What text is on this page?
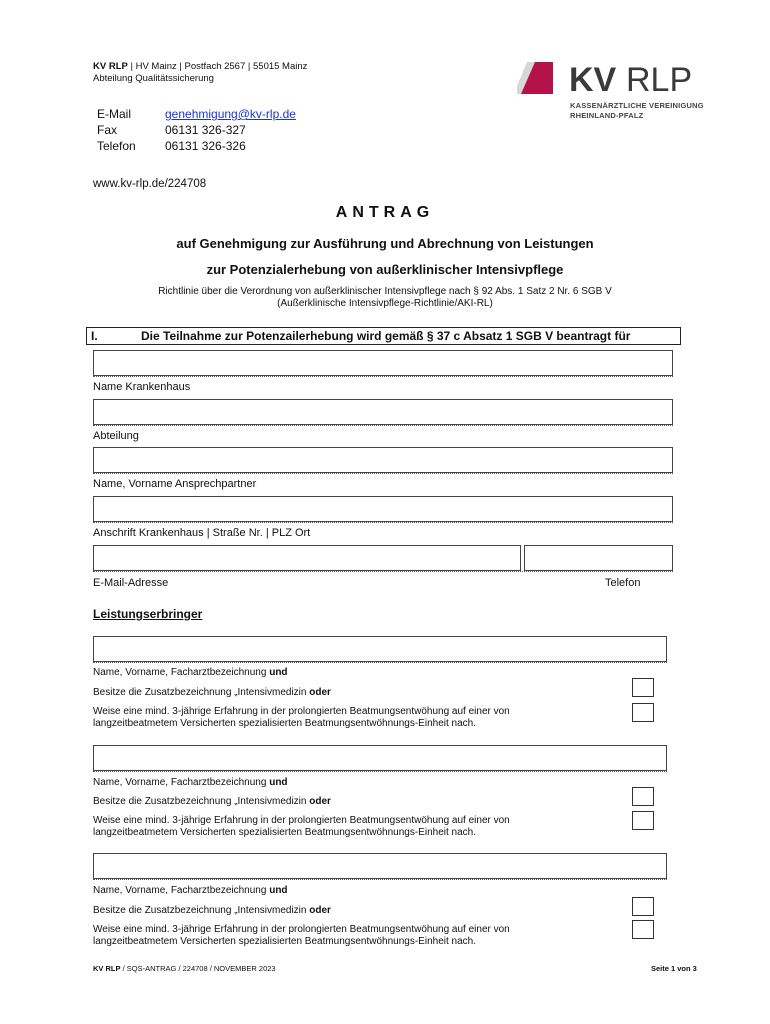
KV RLP | HV Mainz | Postfach 2567 | 55015 Mainz
Abteilung Qualitätssicherung	KV RLP
KASSENÄRZTLICHE VEREINIGUNG
RHEINLAND-PFALZ
E-Mail	genehmigung@kv-rlp.de
Fax	06131 326-327
Telefon	06131 326-326
www.kv-rlp.de/224708
ANTRAG
auf Genehmigung zur Ausführung und Abrechnung von Leistungen
zur Potenzialerhebung von außerklinischer Intensivpflege
Richtlinie über die Verordnung von außerklinischer Intensivpflege nach § 92 Abs. 1 Satz 2 Nr. 6 SGB V
(Außerklinische Intensivpflege-Richtlinie/AKI-RL)
I.	Die Teilnahme zur Potenzailerhebung wird gemäß § 37 c Absatz 1 SGB V beantragt für
Name Krankenhaus
Abteilung
Name, Vorname Ansprechpartner
Anschrift Krankenhaus | Straße Nr. | PLZ Ort
E-Mail-Adresse	Telefon
Leistungserbringer
Name, Vorname, Facharztbezeichnung und
Besitze die Zusatzbezeichnung „Intensivmedizin oder
Weise eine mind. 3-jährige Erfahrung in der prolongierten Beatmungsentwöhung auf einer von
langzeitbeatmetem Versicherten spezialisierten Beatmungsentwöhnungs-Einheit nach.
Name, Vorname, Facharztbezeichnung und
Besitze die Zusatzbezeichnung „Intensivmedizin oder
Weise eine mind. 3-jährige Erfahrung in der prolongierten Beatmungsentwöhung auf einer von
langzeitbeatmetem Versicherten spezialisierten Beatmungsentwöhnungs-Einheit nach.
Name, Vorname, Facharztbezeichnung und
Besitze die Zusatzbezeichnung „Intensivmedizin oder
Weise eine mind. 3-jährige Erfahrung in der prolongierten Beatmungsentwöhung auf einer von
langzeitbeatmetem Versicherten spezialisierten Beatmungsentwöhnungs-Einheit nach.
KV RLP / SQS-ANTRAG / 224708 / NOVEMBER 2023	Seite 1 von 3
